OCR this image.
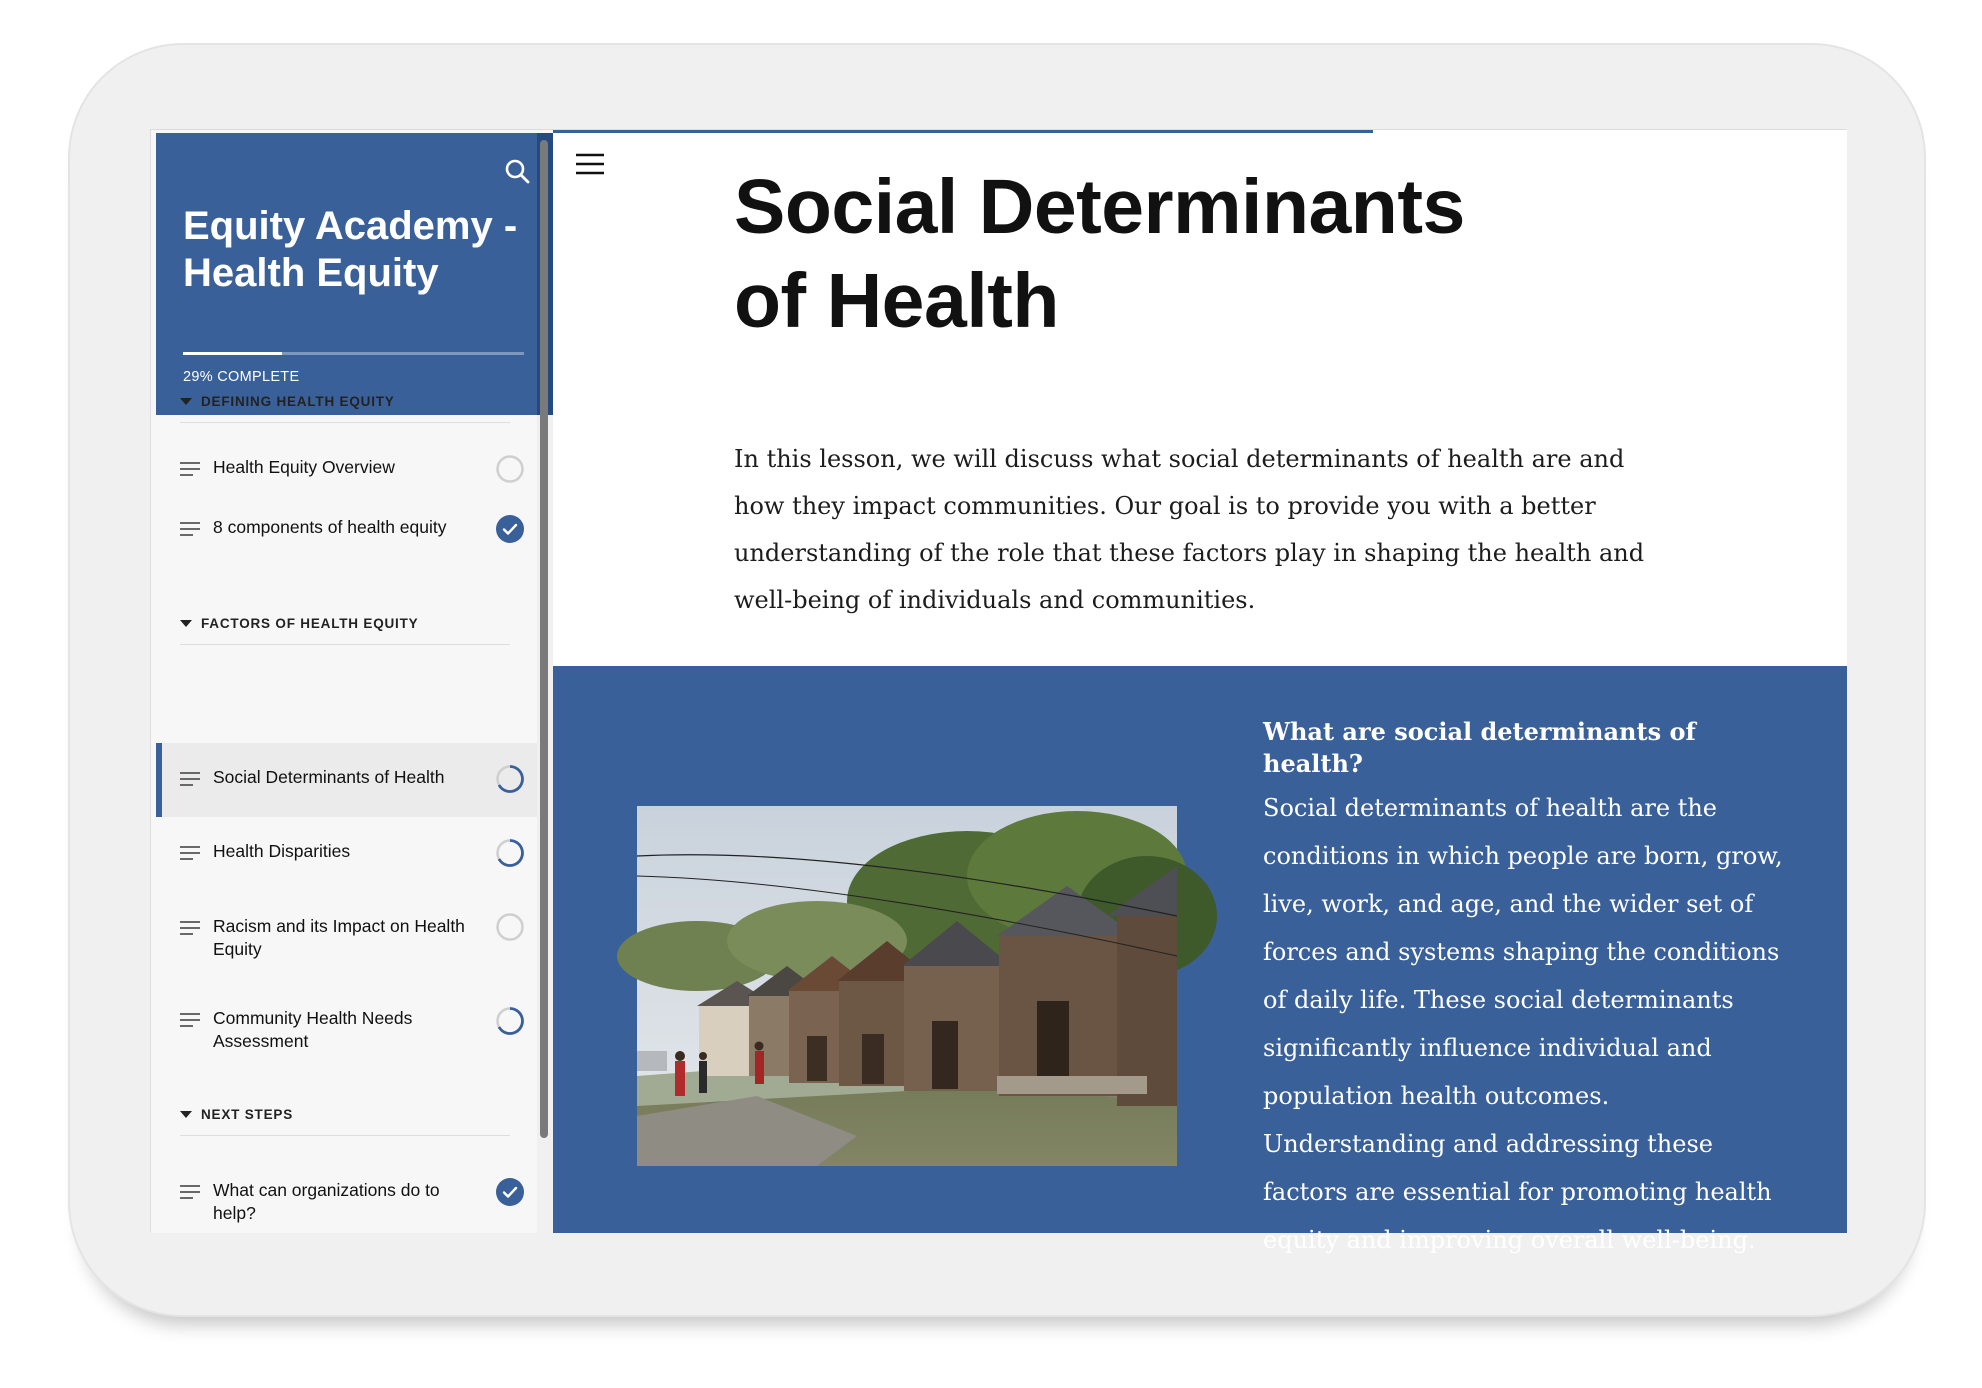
Equity Academy - Health Equity
29% COMPLETE
DEFINING HEALTH EQUITY
Health Equity Overview
8 components of health equity
FACTORS OF HEALTH EQUITY
Social Determinants of Health
Health Disparities
Racism and its Impact on Health Equity
Community Health Needs Assessment
NEXT STEPS
What can organizations do to help?
Social Determinants of Health

In this lesson, we will discuss what social determinants of health are and how they impact communities. Our goal is to provide you with a better understanding of the role that these factors play in shaping the health and well-being of individuals and communities.

What are social determinants of health?

Social determinants of health are the conditions in which people are born, grow, live, work, and age, and the wider set of forces and systems shaping the conditions of daily life. These social determinants significantly influence individual and population health outcomes. Understanding and addressing these factors are essential for promoting health equity and improving overall well-being.
